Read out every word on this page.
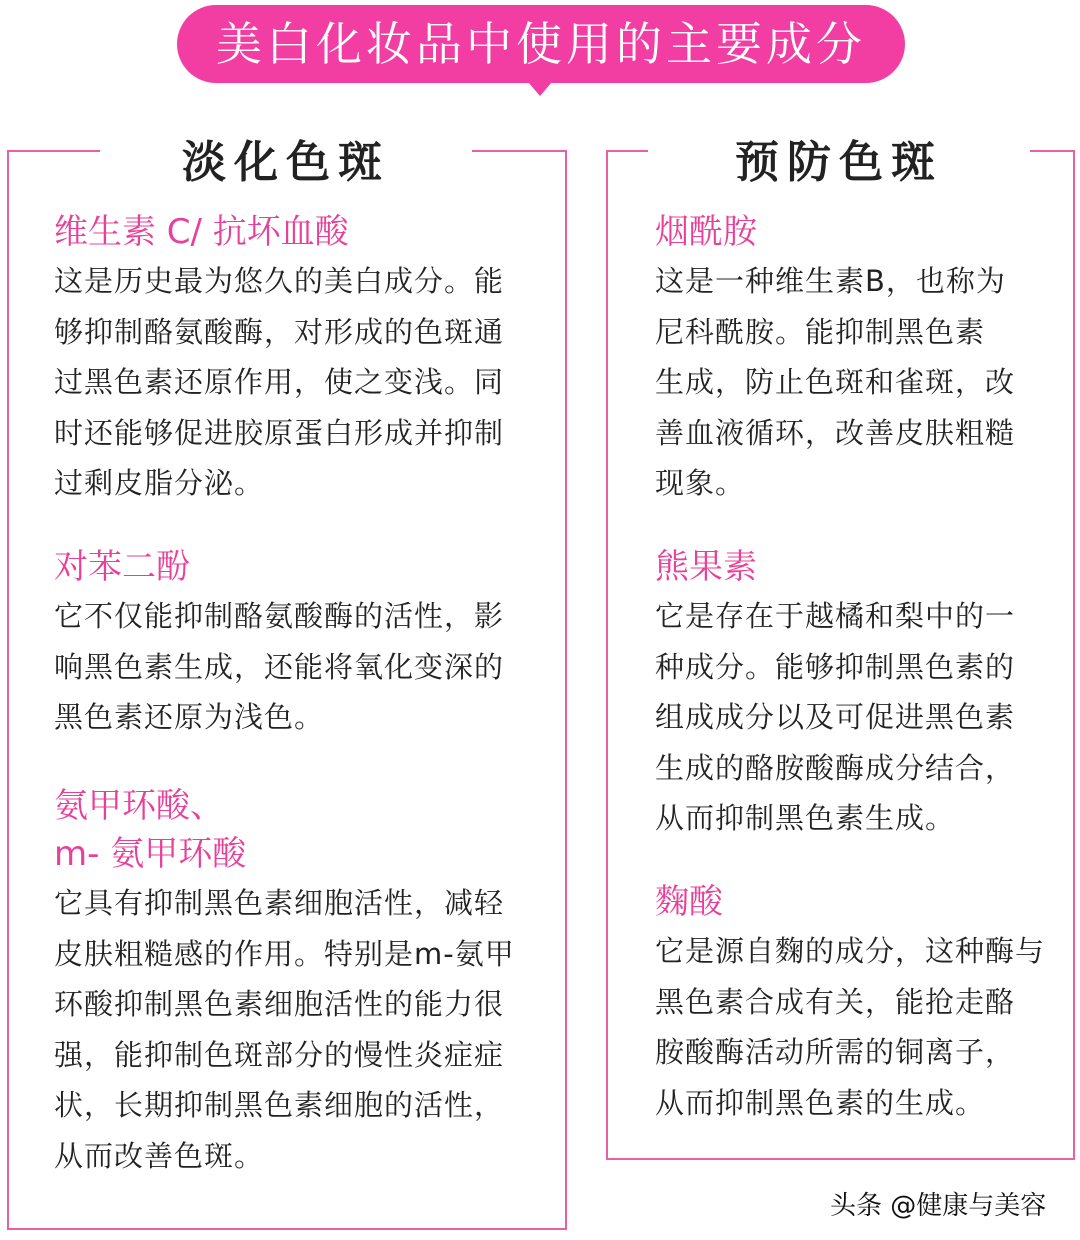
美白化妆品中使用的主要成分
淡化色斑
维生素 C/ 抗坏血酸
这是历史最为悠久的美白成分。能
够抑制酪氨酸酶，对形成的色斑通
过黑色素还原作用，使之变浅。同
时还能够促进胶原蛋白形成并抑制
过剩皮脂分泌。
对苯二酚
它不仅能抑制酪氨酸酶的活性，影
响黑色素生成，还能将氧化变深的
黑色素还原为浅色。
氨甲环酸、
m- 氨甲环酸
它具有抑制黑色素细胞活性，减轻
皮肤粗糙感的作用。特别是m-氨甲
环酸抑制黑色素细胞活性的能力很
强，能抑制色斑部分的慢性炎症症
状，长期抑制黑色素细胞的活性，
从而改善色斑。
预防色斑
烟酰胺
这是一种维生素B，也称为
尼科酰胺。能抑制黑色素
生成，防止色斑和雀斑，改
善血液循环，改善皮肤粗糙
现象。
熊果素
它是存在于越橘和梨中的一
种成分。能够抑制黑色素的
组成成分以及可促进黑色素
生成的酪胺酸酶成分结合，
从而抑制黑色素生成。
麴酸
它是源自麴的成分，这种酶与
黑色素合成有关，能抢走酪
胺酸酶活动所需的铜离子，
从而抑制黑色素的生成。
头条 @健康与美容
